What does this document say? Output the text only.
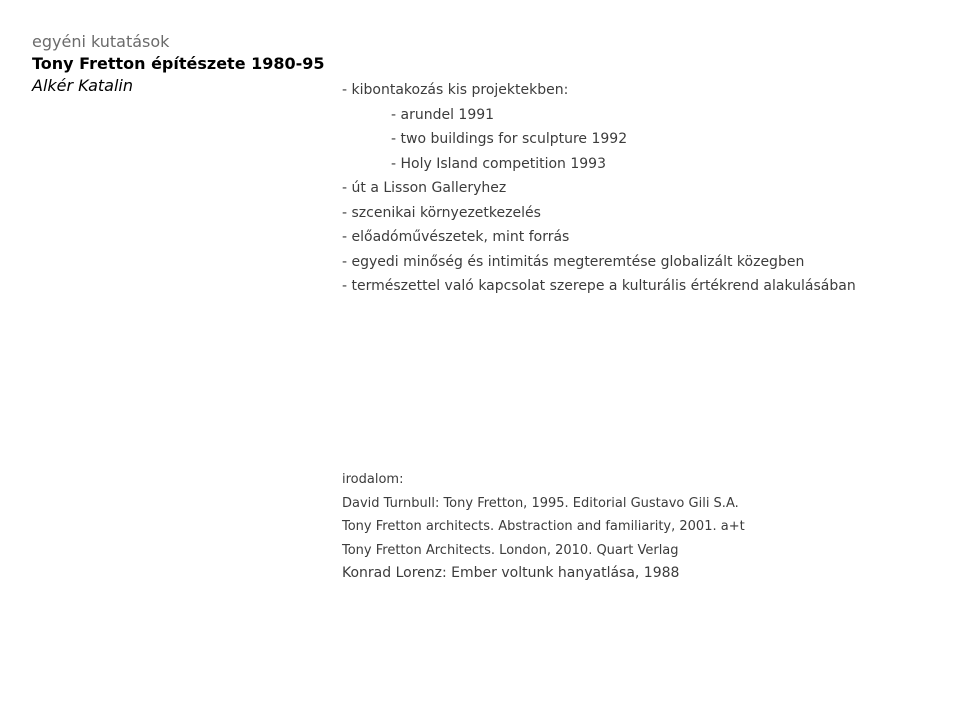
egyéni kutatások
Tony Fretton építészete 1980-95
Alkér Katalin	- kibontakozás kis projektekben:
- arundel 1991
- two buildings for sculpture 1992
- Holy Island competition 1993
- út a Lisson Galleryhez
- szcenikai környezetkezelés
- előadóművészetek, mint forrás
- egyedi minőség és intimitás megteremtése globalizált közegben
- természettel való kapcsolat szerepe a kulturális értékrend alakulásában
irodalom:
David Turnbull: Tony Fretton, 1995. Editorial Gustavo Gili S.A.
Tony Fretton architects. Abstraction and familiarity, 2001. a+t
Tony Fretton Architects. London, 2010. Quart Verlag
Konrad Lorenz: Ember voltunk hanyatlása, 1988
